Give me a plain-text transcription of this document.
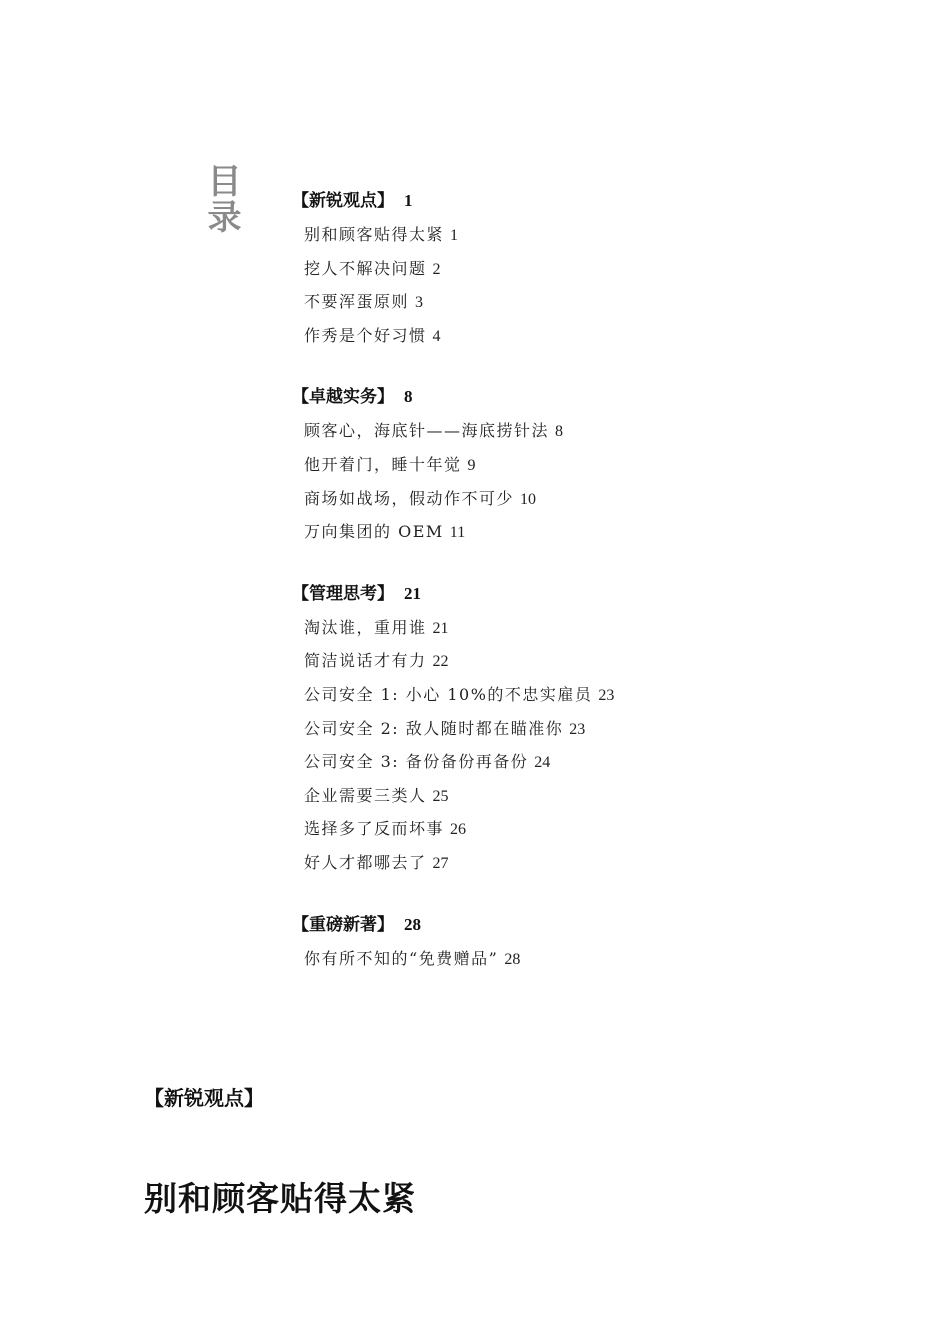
目录	【新锐观点】 1
别和顾客贴得太紧 1
挖人不解决问题 2
不要浑蛋原则 3
作秀是个好习惯 4
【卓越实务】 8
顾客心，海底针——海底捞针法 8
他开着门，睡十年觉 9
商场如战场，假动作不可少 10
万向集团的 OEM 11
【管理思考】 21
淘汰谁，重用谁 21
简洁说话才有力 22
公司安全 1: 小心 10%的不忠实雇员 23
公司安全 2: 敌人随时都在瞄准你 23
公司安全 3: 备份备份再备份 24
企业需要三类人 25
选择多了反而坏事 26
好人才都哪去了 27
【重磅新著】 28
你有所不知的“免费赠品” 28
【新锐观点】
别和顾客贴得太紧
